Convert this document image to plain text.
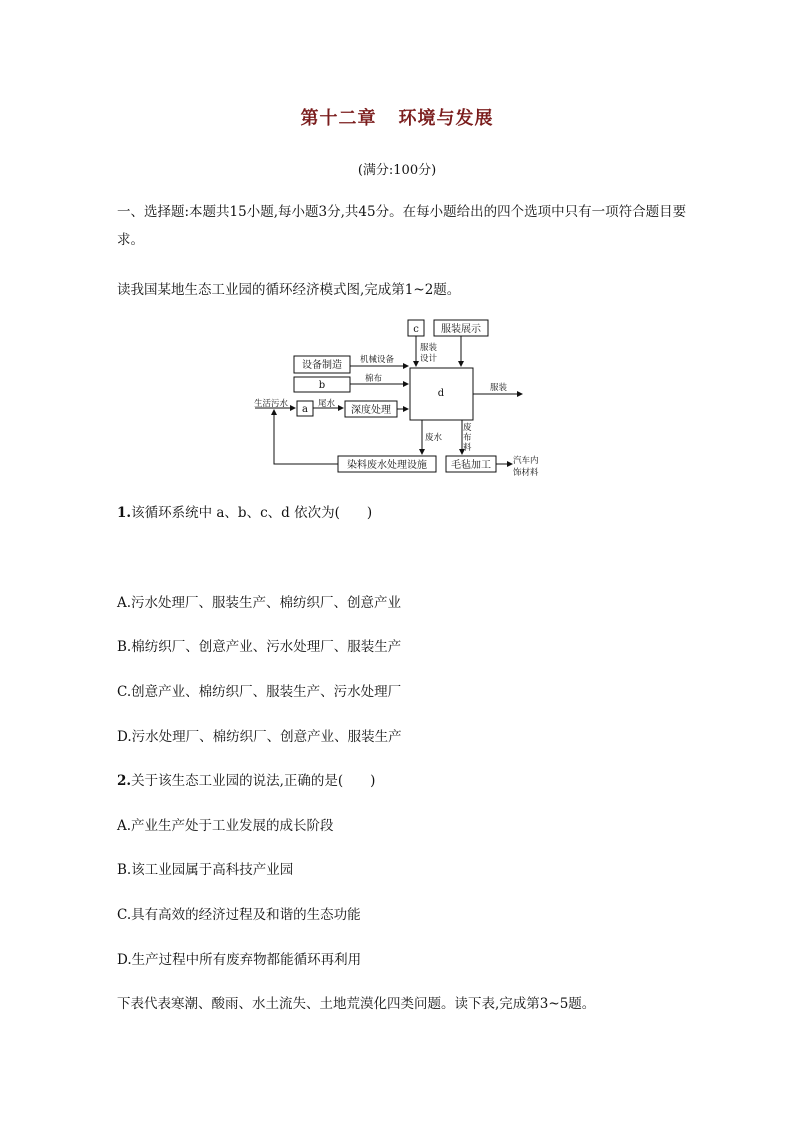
第十二章 环境与发展
(满分:100分)
一、选择题:本题共15小题,每小题3分,共45分。在每小题给出的四个选项中只有一项符合题目要求。
读我国某地生态工业园的循环经济模式图,完成第1~2题。
c 服装展示
设备制造
b
a	深度处理
d
染料废水处理设施 毛毡加工
机械设备
棉布
生活污水	尾水
服装
设计
服装
废水
废
布
料
汽车内
饰材料
1.该循环系统中 a、b、c、d 依次为(　　)
A.污水处理厂、服装生产、棉纺织厂、创意产业
B.棉纺织厂、创意产业、污水处理厂、服装生产
C.创意产业、棉纺织厂、服装生产、污水处理厂
D.污水处理厂、棉纺织厂、创意产业、服装生产
2.关于该生态工业园的说法,正确的是(　　)
A.产业生产处于工业发展的成长阶段
B.该工业园属于高科技产业园
C.具有高效的经济过程及和谐的生态功能
D.生产过程中所有废弃物都能循环再利用
下表代表寒潮、酸雨、水土流失、土地荒漠化四类问题。读下表,完成第3~5题。
